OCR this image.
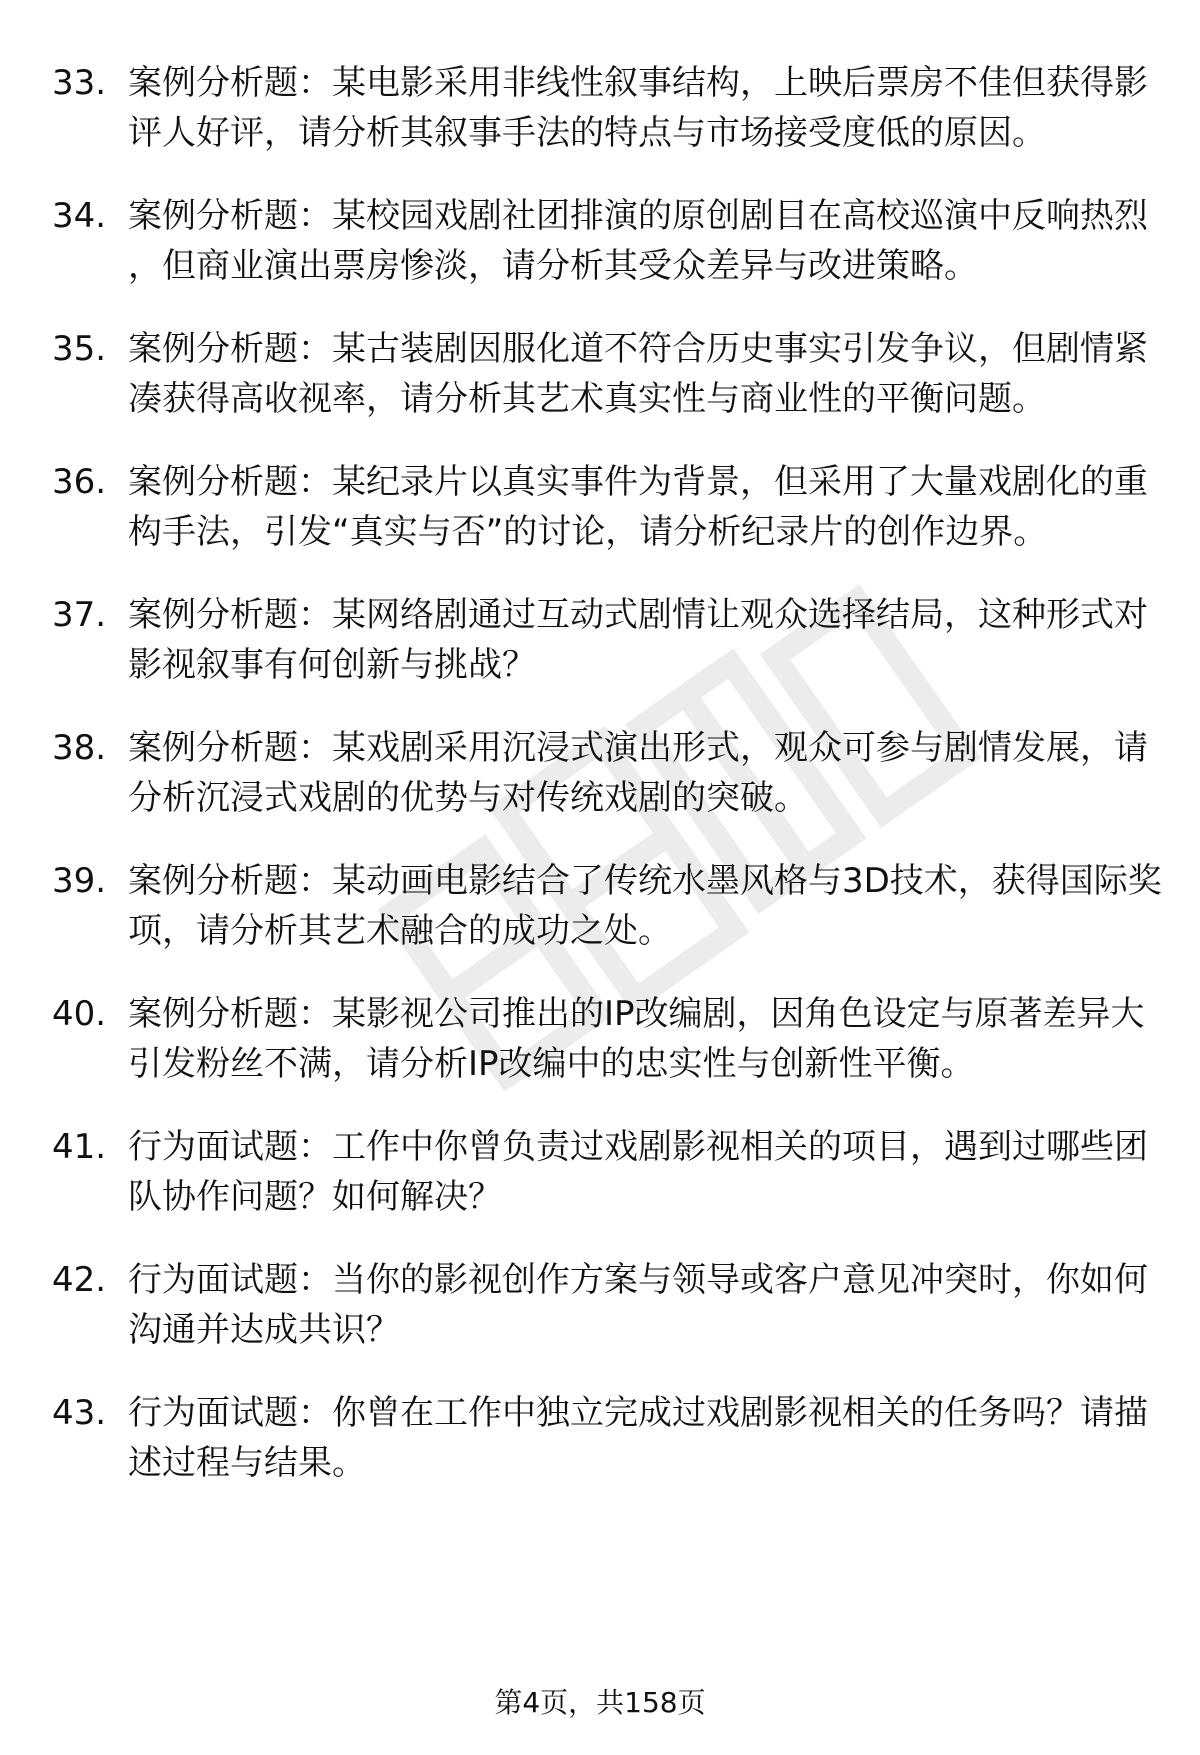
33. 案例分析题：某电影采用非线性叙事结构，上映后票房不佳但获得影评人好评，请分析其叙事手法的特点与市场接受度低的原因。
34. 案例分析题：某校园戏剧社团排演的原创剧目在高校巡演中反响热烈，但商业演出票房惨淡，请分析其受众差异与改进策略。
35. 案例分析题：某古装剧因服化道不符合历史事实引发争议，但剧情紧凑获得高收视率，请分析其艺术真实性与商业性的平衡问题。
36. 案例分析题：某纪录片以真实事件为背景，但采用了大量戏剧化的重构手法，引发“真实与否”的讨论，请分析纪录片的创作边界。
37. 案例分析题：某网络剧通过互动式剧情让观众选择结局，这种形式对影视叙事有何创新与挑战？
38. 案例分析题：某戏剧采用沉浸式演出形式，观众可参与剧情发展，请分析沉浸式戏剧的优势与对传统戏剧的突破。
39. 案例分析题：某动画电影结合了传统水墨风格与3D技术，获得国际奖项，请分析其艺术融合的成功之处。
40. 案例分析题：某影视公司推出的IP改编剧，因角色设定与原著差异大引发粉丝不满，请分析IP改编中的忠实性与创新性平衡。
41. 行为面试题：工作中你曾负责过戏剧影视相关的项目，遇到过哪些团队协作问题？如何解决？
42. 行为面试题：当你的影视创作方案与领导或客户意见冲突时，你如何沟通并达成共识？
43. 行为面试题：你曾在工作中独立完成过戏剧影视相关的任务吗？请描述过程与结果。
第4页，共158页
